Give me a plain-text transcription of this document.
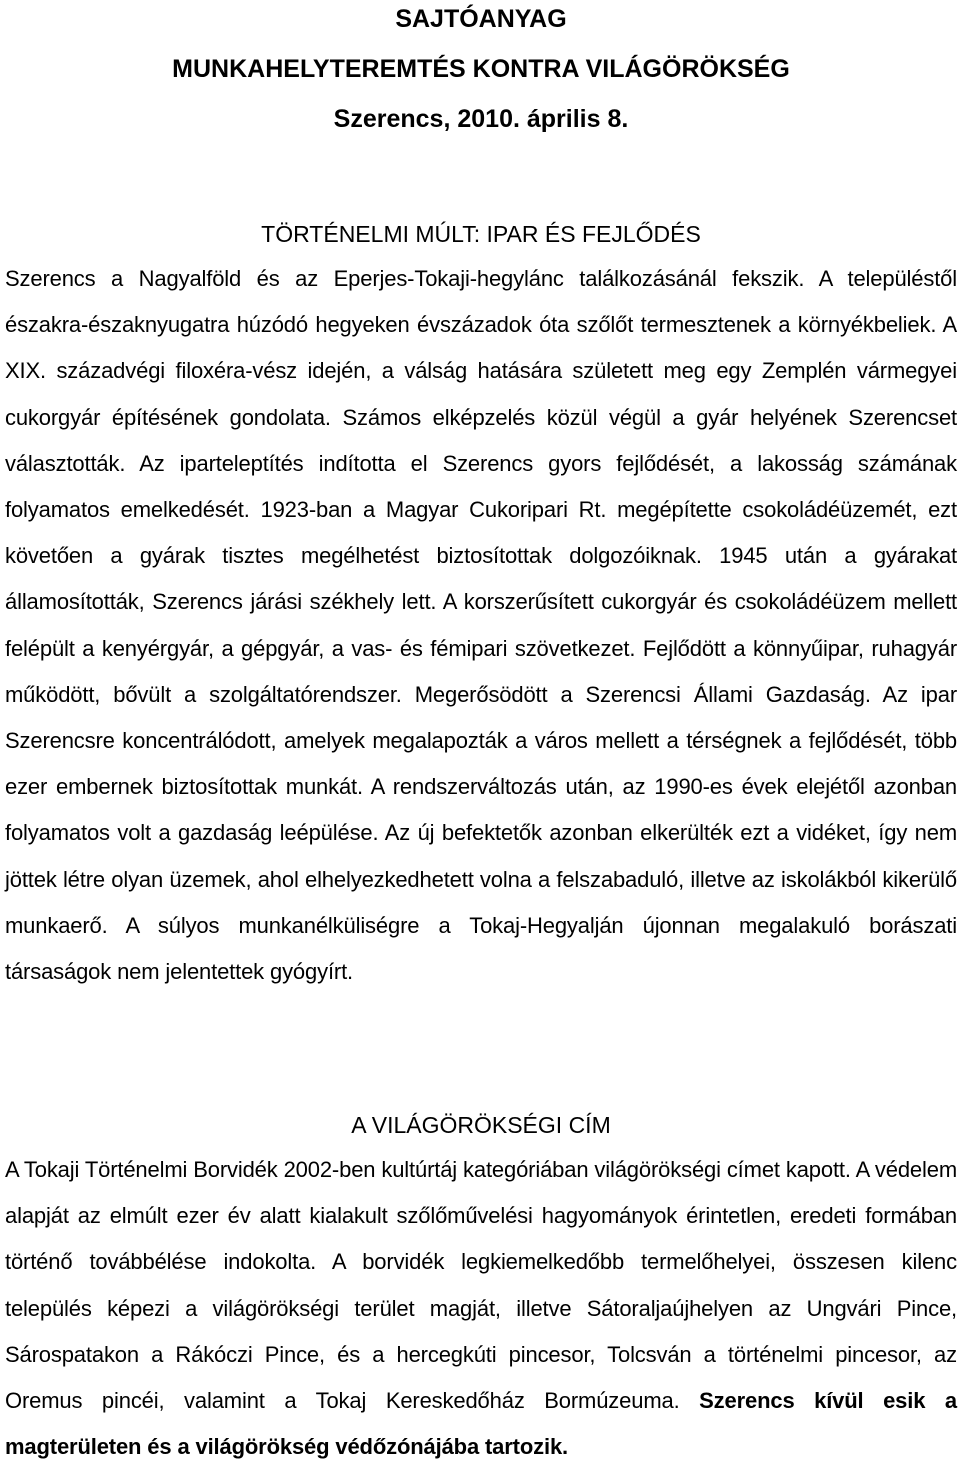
SAJTÓANYAG
MUNKAHELYTEREMTÉS KONTRA VILÁGÖRÖKSÉG
Szerencs, 2010. április 8.
TÖRTÉNELMI MÚLT: IPAR ÉS FEJLŐDÉS
Szerencs a Nagyalföld és az Eperjes-Tokaji-hegylánc találkozásánál fekszik. A településtől északra-északnyugatra húzódó hegyeken évszázadok óta szőlőt termesztenek a környékbeliek. A XIX. századvégi filoxéra-vész idején, a válság hatására született meg egy Zemplén vármegyei cukorgyár építésének gondolata. Számos elképzelés közül végül a gyár helyének Szerencset választották. Az iparteleptítés indította el Szerencs gyors fejlődését, a lakosság számának folyamatos emelkedését. 1923-ban a Magyar Cukoripari Rt. megépítette csokoládéüzemét, ezt követően a gyárak tisztes megélhetést biztosítottak dolgozóiknak. 1945 után a gyárakat államosították, Szerencs járási székhely lett. A korszerűsített cukorgyár és csokoládéüzem mellett felépült a kenyérgyár, a gépgyár, a vas- és fémipari szövetkezet. Fejlődött a könnyűipar, ruhagyár működött, bővült a szolgáltatórendszer. Megerősödött a Szerencsi Állami Gazdaság. Az ipar Szerencsre koncentrálódott, amelyek megalapozták a város mellett a térségnek a fejlődését, több ezer embernek biztosítottak munkát. A rendszerváltozás után, az 1990-es évek elejétől azonban folyamatos volt a gazdaság leépülése. Az új befektetők azonban elkerülték ezt a vidéket, így nem jöttek létre olyan üzemek, ahol elhelyezkedhetett volna a felszabaduló, illetve az iskolákból kikerülő munkaerő. A súlyos munkanélküliségre a Tokaj-Hegyalján újonnan megalakuló borászati társaságok nem jelentettek gyógyírt.
A VILÁGÖRÖKSÉGI CÍM
A Tokaji Történelmi Borvidék 2002-ben kultúrtáj kategóriában világörökségi címet kapott. A védelem alapját az elmúlt ezer év alatt kialakult szőlőművelési hagyományok érintetlen, eredeti formában történő továbbélése indokolta. A borvidék legkiemelkedőbb termelőhelyei, összesen kilenc település képezi a világörökségi terület magját, illetve Sátoraljaújhelyen az Ungvári Pince, Sárospatakon a Rákóczi Pince, és a hercegkúti pincesor, Tolcsván a történelmi pincesor, az Oremus pincéi, valamint a Tokaj Kereskedőház Bormúzeuma. Szerencs kívül esik a magterületen és a világörökség védőzónájába tartozik.
